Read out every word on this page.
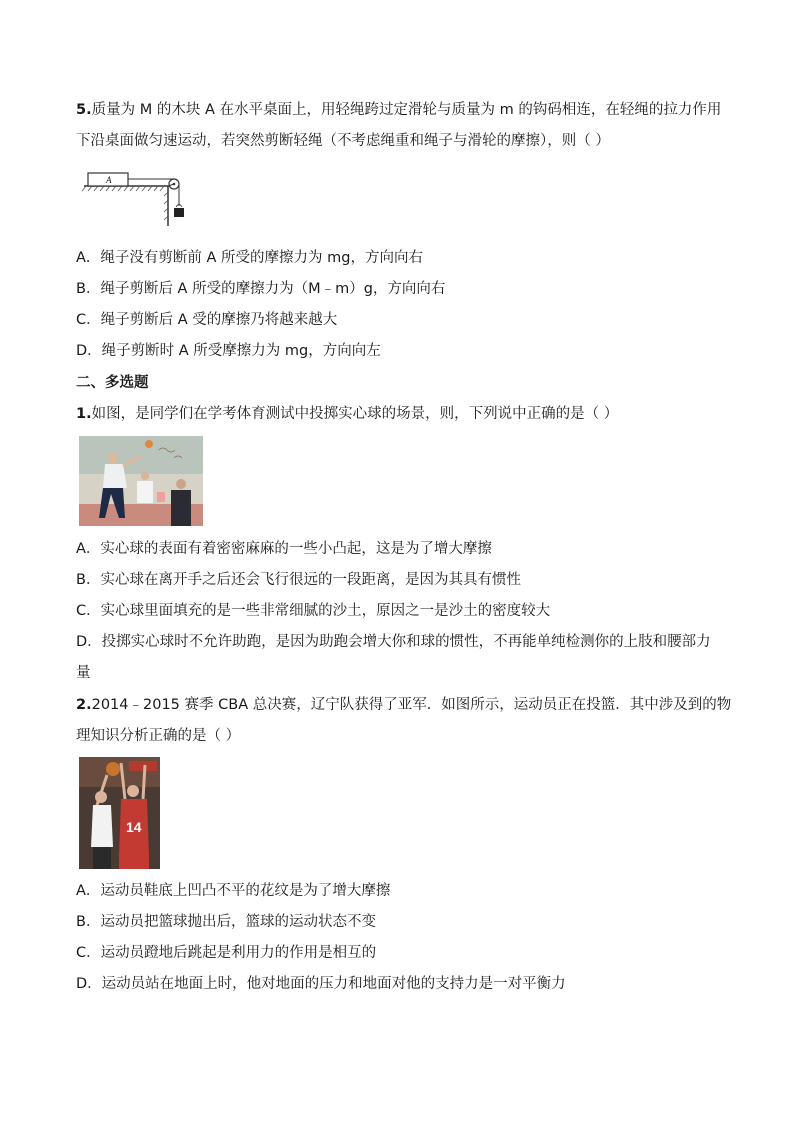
5.质量为 M 的木块 A 在水平桌面上，用轻绳跨过定滑轮与质量为 m 的钩码相连，在轻绳的拉力作用
下沿桌面做匀速运动，若突然剪断轻绳（不考虑绳重和绳子与滑轮的摩擦），则（ ）
A
A．绳子没有剪断前 A 所受的摩擦力为 mg，方向向右
B．绳子剪断后 A 所受的摩擦力为（M﹣m）g，方向向右
C．绳子剪断后 A 受的摩擦乃将越来越大
D．绳子剪断时 A 所受摩擦力为 mg，方向向左
二、多选题
1.如图，是同学们在学考体育测试中投掷实心球的场景，则，下列说中正确的是（ ）
A．实心球的表面有着密密麻麻的一些小凸起，这是为了增大摩擦
B．实心球在离开手之后还会飞行很远的一段距离，是因为其具有惯性
C．实心球里面填充的是一些非常细腻的沙土，原因之一是沙土的密度较大
D．投掷实心球时不允许助跑，是因为助跑会增大你和球的惯性，不再能单纯检测你的上肢和腰部力
量
2.2014﹣2015 赛季 CBA 总决赛，辽宁队获得了亚军．如图所示，运动员正在投篮．其中涉及到的物
理知识分析正确的是（ ）
14
A．运动员鞋底上凹凸不平的花纹是为了增大摩擦
B．运动员把篮球抛出后，篮球的运动状态不变
C．运动员蹬地后跳起是利用力的作用是相互的
D．运动员站在地面上时，他对地面的压力和地面对他的支持力是一对平衡力
